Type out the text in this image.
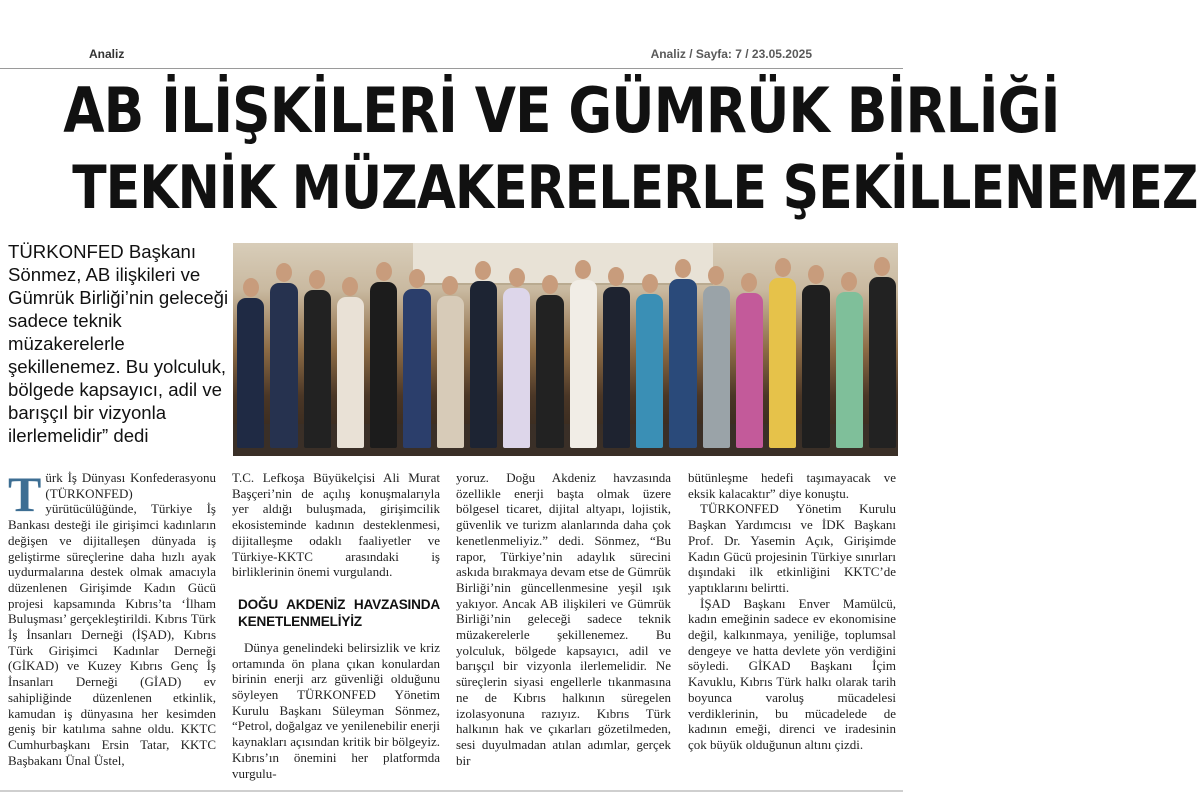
Analiz	Analiz / Sayfa: 7 / 23.05.2025
AB İLİŞKİLERİ VE GÜMRÜK BİRLİĞİ
TEKNİK MÜZAKERELERLE ŞEKİLLENEMEZ
TÜRKONFED Başkanı Sönmez, AB ilişkileri ve Gümrük Birliği’nin geleceği sadece teknik müzakerelerle şekillenemez. Bu yolculuk, bölgede kapsayıcı, adil ve barışçıl bir vizyonla ilerlemelidir” dedi

Türk İş Dünyası Konfederasyonu (TÜRKONFED) yürütücülüğünde, Türkiye İş Bankası desteği ile girişimci kadınların değişen ve dijitalleşen dünyada iş geliştirme süreçlerine daha hızlı ayak uydurmalarına destek olmak amacıyla düzenlenen Girişimde Kadın Gücü projesi kapsamında Kıbrıs’ta ‘İlham Buluşması’ gerçekleştirildi. Kıbrıs Türk İş İnsanları Derneği (İŞAD), Kıbrıs Türk Girişimci Kadınlar Derneği (GİKAD) ve Kuzey Kıbrıs Genç İş İnsanları Derneği (GİAD) ev sahipliğinde düzenlenen etkinlik, kamudan iş dünyasına her kesimden geniş bir katılıma sahne oldu. KKTC Cumhurbaşkanı Ersin Tatar, KKTC Başbakanı Ünal Üstel,

T.C. Lefkoşa Büyükelçisi Ali Murat Başçeri’nin de açılış konuşmalarıyla yer aldığı buluşmada, girişimcilik ekosisteminde kadının desteklenmesi, dijitalleşme odaklı faaliyetler ve Türkiye-KKTC arasındaki iş birliklerinin önemi vurgulandı.

DOĞU AKDENİZ HAVZASINDA KENETLENMELİYİZ

Dünya genelindeki belirsizlik ve kriz ortamında ön plana çıkan konulardan birinin enerji arz güvenliği olduğunu söyleyen TÜRKONFED Yönetim Kurulu Başkanı Süleyman Sönmez, “Petrol, doğalgaz ve yenilenebilir enerji kaynakları açısından kritik bir bölgeyiz. Kıbrıs’ın önemini her platformda vurgulu-

yoruz. Doğu Akdeniz havzasında özellikle enerji başta olmak üzere bölgesel ticaret, dijital altyapı, lojistik, güvenlik ve turizm alanlarında daha çok kenetlenmeliyiz.” dedi. Sönmez, “Bu rapor, Türkiye’nin adaylık sürecini askıda bırakmaya devam etse de Gümrük Birliği’nin güncellenmesine yeşil ışık yakıyor. Ancak AB ilişkileri ve Gümrük Birliği’nin geleceği sadece teknik müzakerelerle şekillenemez. Bu yolculuk, bölgede kapsayıcı, adil ve barışçıl bir vizyonla ilerlemelidir. Ne süreçlerin siyasi engellerle tıkanmasına ne de Kıbrıs halkının süregelen izolasyonuna razıyız. Kıbrıs Türk halkının hak ve çıkarları gözetilmeden, sesi duyulmadan atılan adımlar, gerçek bir

bütünleşme hedefi taşımayacak ve eksik kalacaktır” diye konuştu.

TÜRKONFED Yönetim Kurulu Başkan Yardımcısı ve İDK Başkanı Prof. Dr. Yasemin Açık, Girişimde Kadın Gücü projesinin Türkiye sınırları dışındaki ilk etkinliğini KKTC’de yaptıklarını belirtti.

İŞAD Başkanı Enver Mamülcü, kadın emeğinin sadece ev ekonomisine değil, kalkınmaya, yeniliğe, toplumsal dengeye ve hatta devlete yön verdiğini söyledi. GİKAD Başkanı İçim Kavuklu, Kıbrıs Türk halkı olarak tarih boyunca varoluş mücadelesi verdiklerinin, bu mücadelede de kadının emeği, direnci ve iradesinin çok büyük olduğunun altını çizdi.
